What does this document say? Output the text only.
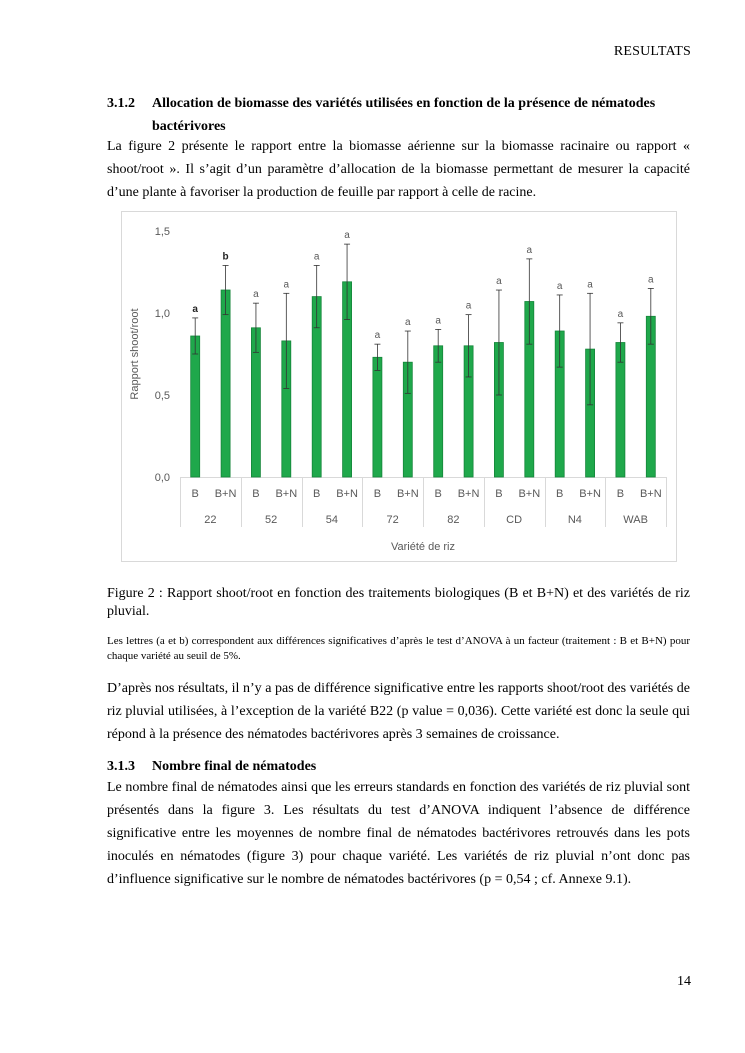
RESULTATS
3.1.2 Allocation de biomasse des variétés utilisées en fonction de la présence de nématodes
bactérivores
La figure 2 présente le rapport entre la biomasse aérienne sur la biomasse racinaire ou rapport « shoot/root ». Il s’agit d’un paramètre d’allocation de la biomasse permettant de mesurer la capacité d’une plante à favoriser la production de feuille par rapport à celle de racine.
0,0
0,5
1,0
1,5
Rapport shoot/root	a
B
b
B+N
22
a
B
a
B+N
52
a
B
a
B+N
54
a
B
a
B+N
72
a
B
a
B+N
82
a
B
a
B+N
CD
a
B
a
B+N
N4
a
B
a
B+N
WAB
Variété de riz
Figure 2 : Rapport shoot/root en fonction des traitements biologiques (B et B+N) et des variétés de riz pluvial.
Les lettres (a et b) correspondent aux différences significatives d’après le test d’ANOVA à un facteur (traitement : B et B+N) pour chaque variété au seuil de 5%.
D’après nos résultats, il n’y a pas de différence significative entre les rapports shoot/root des variétés de riz pluvial utilisées, à l’exception de la variété B22 (p value = 0,036). Cette variété est donc la seule qui répond à la présence des nématodes bactérivores après 3 semaines de croissance.
3.1.3 Nombre final de nématodes
Le nombre final de nématodes ainsi que les erreurs standards en fonction des variétés de riz pluvial sont présentés dans la figure 3. Les résultats du test d’ANOVA indiquent l’absence de différence significative entre les moyennes de nombre final de nématodes bactérivores retrouvés dans les pots inoculés en nématodes (figure 3) pour chaque variété. Les variétés de riz pluvial n’ont donc pas d’influence significative sur le nombre de nématodes bactérivores (p = 0,54 ; cf. Annexe 9.1).
14
